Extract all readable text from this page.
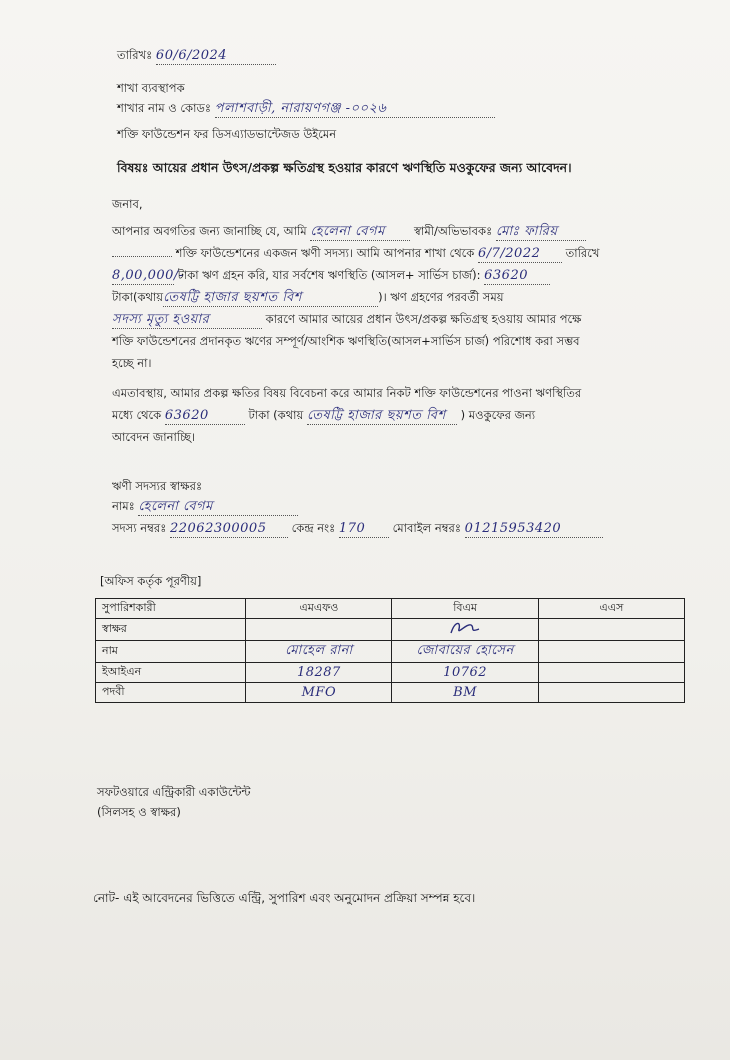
তারিখঃ 60/6/2024
শাখা ব্যবস্থাপক
শাখার নাম ও কোডঃ পলাশবাড়ী, নারায়ণগঞ্জ -০০২৬
শক্তি ফাউন্ডেশন ফর ডিসএ্যাডভান্টেজড উইমেন
বিষয়ঃ আয়ের প্রধান উৎস/প্রকল্প ক্ষতিগ্রস্থ হওয়ার কারণে ঋণস্থিতি মওকুফের জন্য আবেদন।
জনাব,
আপনার অবগতির জন্য জানাচ্ছি যে, আমি হেলেনা বেগম	স্বামী/অভিভাবকঃ মোঃ ফারিয়
শক্তি ফাউন্ডেশনের একজন ঋণী সদস্য। আমি আপনার শাখা থেকে 6/7/2022 তারিখে
8,00,000/- টাকা ঋণ গ্রহন করি, যার সর্বশেষ ঋণস্থিতি (আসল+ সার্ভিস চার্জ): 63620
টাকা(কথায়তেষট্টি হাজার ছয়শত বিশ	)। ঋণ গ্রহণের পরবর্তী সময়
সদস্য মৃত্যু হওয়ার	কারণে আমার আয়ের প্রধান উৎস/প্রকল্প ক্ষতিগ্রস্থ হওয়ায় আমার পক্ষে
শক্তি ফাউন্ডেশনের প্রদানকৃত ঋণের সম্পূর্ণ/আংশিক ঋণস্থিতি(আসল+সার্ভিস চার্জ) পরিশোধ করা সম্ভব
হচ্ছে না।
এমতাবস্থায়, আমার প্রকল্প ক্ষতির বিষয় বিবেচনা করে আমার নিকট শক্তি ফাউন্ডেশনের পাওনা ঋণস্থিতির
মধ্যে থেকে 63620	টাকা (কথায় তেষট্টি হাজার ছয়শত বিশ ) মওকুফের জন্য
আবেদন জানাচ্ছি।
ঋণী সদস্যর স্বাক্ষরঃ
নামঃ হেলেনা বেগম
সদস্য নম্বরঃ 22062300005 কেন্দ্র নংঃ 170 মোবাইল নম্বরঃ 01215953420
[অফিস কর্তৃক পূরণীয়]
সুপারিশকারী	এমএফও	বিএম	এএস
স্বাক্ষর			
নাম	মোহেল রানা	জোবায়ের হোসেন	
ইআইএন	18287	10762	
পদবী	MFO	BM	
সফটওয়ারে এন্ট্রিকারী একাউন্টেন্ট
(সিলসহ ও স্বাক্ষর)
নোট- এই আবেদনের ভিত্তিতে এন্ট্রি, সুপারিশ এবং অনুমোদন প্রক্রিয়া সম্পন্ন হবে।
